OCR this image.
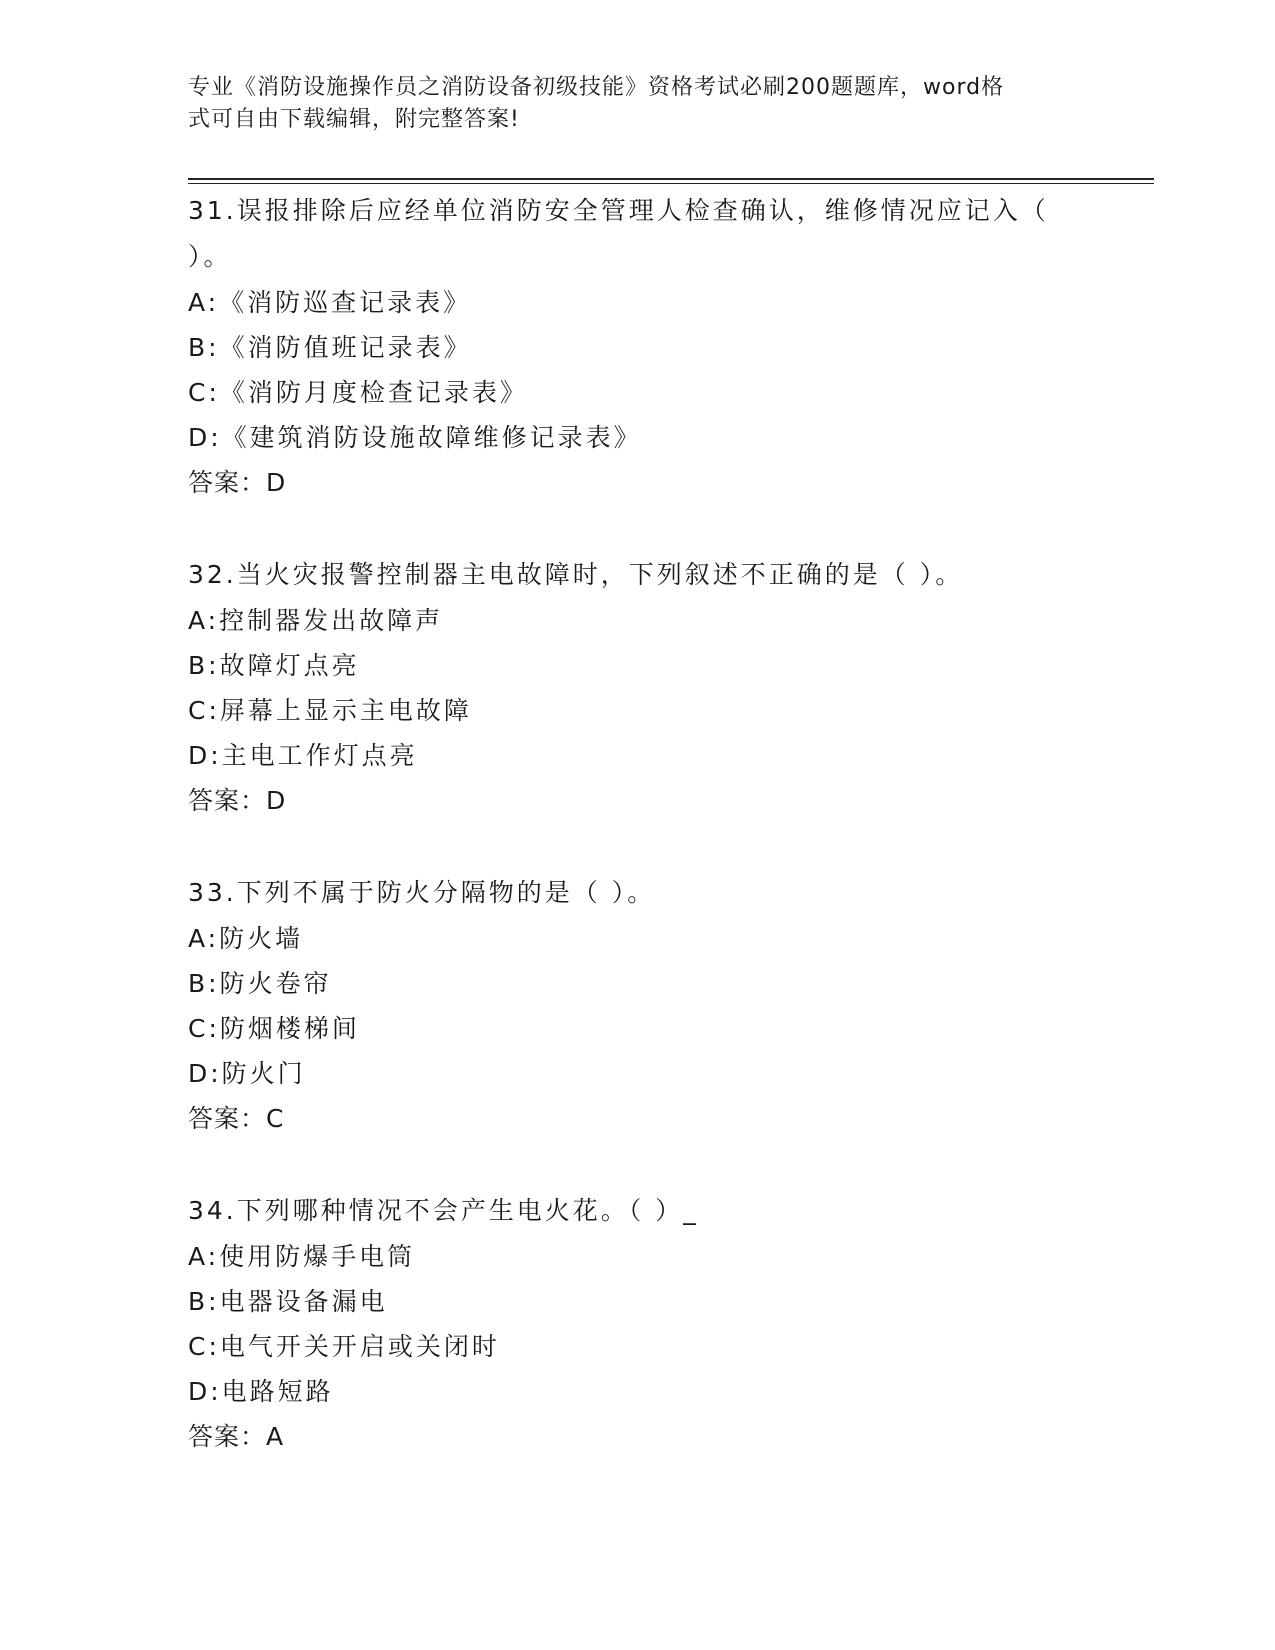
专业《消防设施操作员之消防设备初级技能》资格考试必刷200题题库，word格
式可自由下载编辑，附完整答案!
31.误报排除后应经单位消防安全管理人检查确认，维修情况应记入（
）。
A:《消防巡查记录表》
B:《消防值班记录表》
C:《消防月度检查记录表》
D:《建筑消防设施故障维修记录表》
答案：D
32.当火灾报警控制器主电故障时，下列叙述不正确的是（ ）。
A:控制器发出故障声
B:故障灯点亮
C:屏幕上显示主电故障
D:主电工作灯点亮
答案：D
33.下列不属于防火分隔物的是（ ）。
A:防火墙
B:防火卷帘
C:防烟楼梯间
D:防火门
答案：C
34.下列哪种情况不会产生电火花。（ ）_
A:使用防爆手电筒
B:电器设备漏电
C:电气开关开启或关闭时
D:电路短路
答案：A
